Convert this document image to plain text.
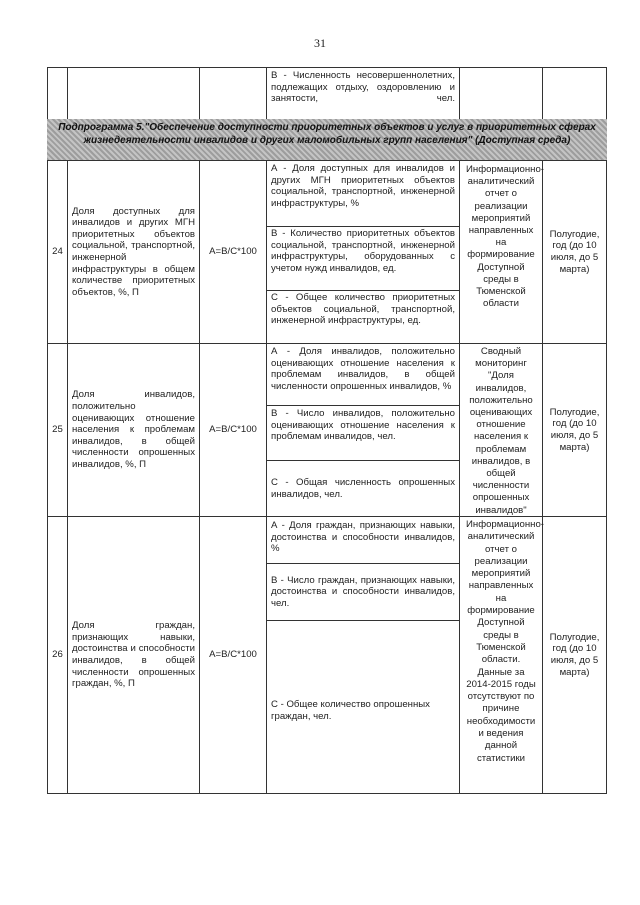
31
В - Численность несовершеннолетних, подлежащих отдыху, оздоровлению и занятости, чел.
Подпрограмма 5."Обеспечение доступности приоритетных объектов и услуг в приоритетных сферах жизнедеятельности инвалидов и других маломобильных групп населения" (Доступная среда)
24
Доля доступных для инвалидов и других МГН приоритетных объектов социальной, транспортной, инженерной инфраструктуры в общем количестве приоритетных объектов, %, П
A=B/C*100
А - Доля доступных для инвалидов и других МГН приоритетных объектов социальной, транспортной, инженерной инфраструктуры, %
В - Количество приоритетных объектов социальной, транспортной, инженерной инфраструктуры, оборудованных с учетом нужд инвалидов, ед.
С - Общее количество приоритетных объектов социальной, транспортной, инженерной инфраструктуры, ед.
Информационно-аналитический отчет о реализации мероприятий направленных на формирование Доступной среды в Тюменской области
Полугодие, год (до 10 июля, до 5 марта)
25
Доля инвалидов, положительно оценивающих отношение населения к проблемам инвалидов, в общей численности опрошенных инвалидов, %, П
A=B/C*100
А - Доля инвалидов, положительно оценивающих отношение населения к проблемам инвалидов, в общей численности опрошенных инвалидов, %
В - Число инвалидов, положительно оценивающих отношение населения к проблемам инвалидов, чел.
С - Общая численность опрошенных инвалидов, чел.
Сводный мониторинг "Доля инвалидов, положительно оценивающих отношение населения к проблемам инвалидов, в общей численности опрошенных инвалидов"
Полугодие, год (до 10 июля, до 5 марта)
26
Доля граждан, признающих навыки, достоинства и способности инвалидов, в общей численности опрошенных граждан, %, П
A=B/C*100
А - Доля граждан, признающих навыки, достоинства и способности инвалидов, %
В - Число граждан, признающих навыки, достоинства и способности инвалидов, чел.
С - Общее количество опрошенных граждан, чел.
Информационно-аналитический отчет о реализации мероприятий направленных на формирование Доступной среды в Тюменской области. Данные за 2014-2015 годы отсутствуют по причине необходимости и ведения данной статистики
Полугодие, год (до 10 июля, до 5 марта)
